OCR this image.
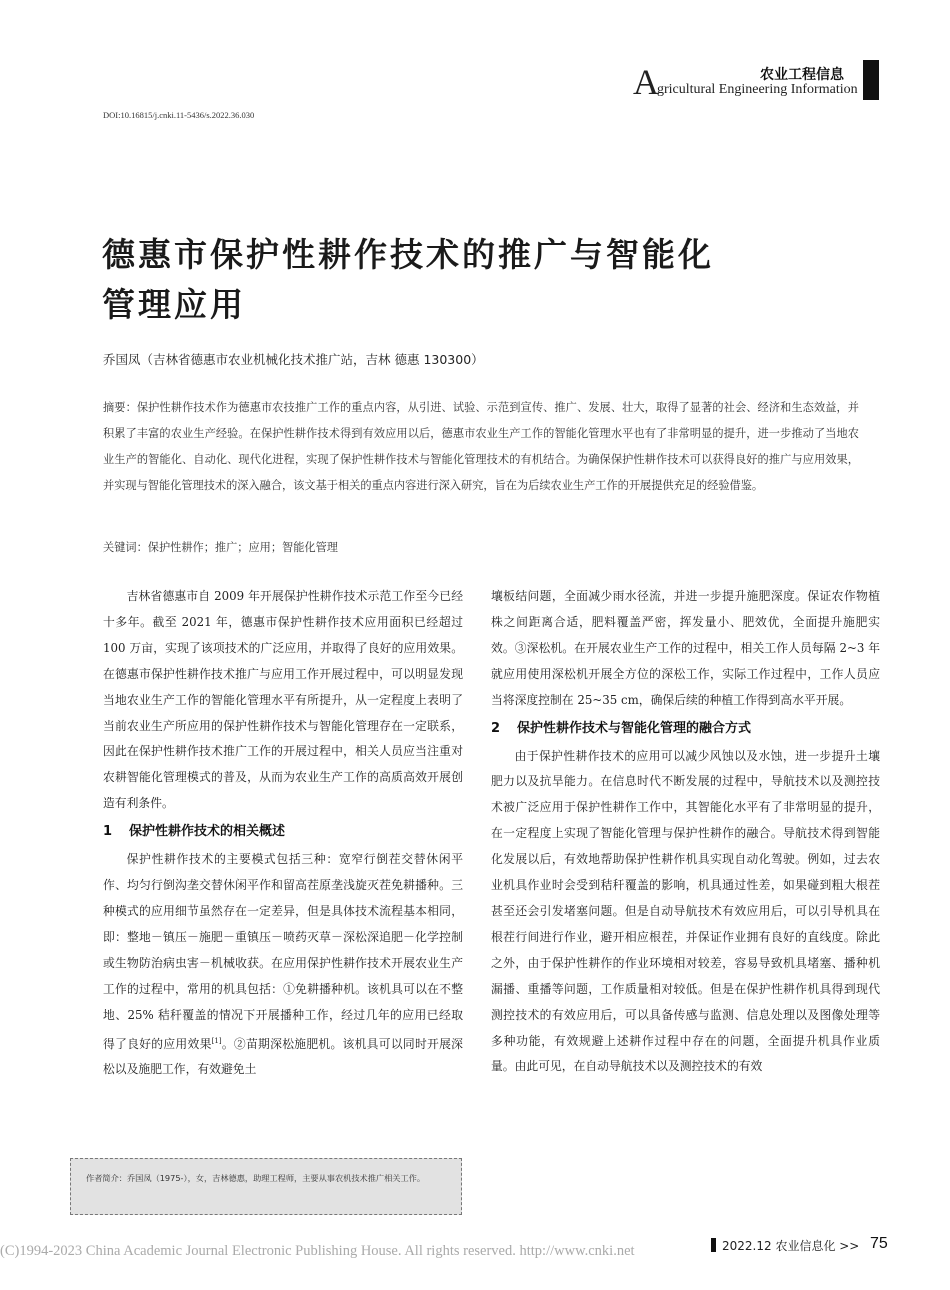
A	农业工程信息
gricultural Engineering Information
DOI:10.16815/j.cnki.11-5436/s.2022.36.030
德惠市保护性耕作技术的推广与智能化
管理应用
乔国凤（吉林省德惠市农业机械化技术推广站，吉林 德惠 130300）
摘要：保护性耕作技术作为德惠市农技推广工作的重点内容，从引进、试验、示范到宣传、推广、发展、壮大，取得了显著的社会、经济和生态效益，并积累了丰富的农业生产经验。在保护性耕作技术得到有效应用以后，德惠市农业生产工作的智能化管理水平也有了非常明显的提升，进一步推动了当地农业生产的智能化、自动化、现代化进程，实现了保护性耕作技术与智能化管理技术的有机结合。为确保保护性耕作技术可以获得良好的推广与应用效果，并实现与智能化管理技术的深入融合，该文基于相关的重点内容进行深入研究，旨在为后续农业生产工作的开展提供充足的经验借鉴。
关键词：保护性耕作；推广；应用；智能化管理

吉林省德惠市自 2009 年开展保护性耕作技术示范工作至今已经十多年。截至 2021 年，德惠市保护性耕作技术应用面积已经超过 100 万亩，实现了该项技术的广泛应用，并取得了良好的应用效果。在德惠市保护性耕作技术推广与应用工作开展过程中，可以明显发现当地农业生产工作的智能化管理水平有所提升，从一定程度上表明了当前农业生产所应用的保护性耕作技术与智能化管理存在一定联系，因此在保护性耕作技术推广工作的开展过程中，相关人员应当注重对农耕智能化管理模式的普及，从而为农业生产工作的高质高效开展创造有利条件。

1 保护性耕作技术的相关概述

保护性耕作技术的主要模式包括三种：宽窄行倒茬交替休闲平作、均匀行倒沟垄交替休闲平作和留高茬原垄浅旋灭茬免耕播种。三种模式的应用细节虽然存在一定差异，但是具体技术流程基本相同，即：整地－镇压－施肥－重镇压－喷药灭草－深松深追肥－化学控制或生物防治病虫害－机械收获。在应用保护性耕作技术开展农业生产工作的过程中，常用的机具包括：①免耕播种机。该机具可以在不整地、25% 秸秆覆盖的情况下开展播种工作，经过几年的应用已经取得了良好的应用效果[1]。②苗期深松施肥机。该机具可以同时开展深松以及施肥工作，有效避免土

壤板结问题，全面减少雨水径流，并进一步提升施肥深度。保证农作物植株之间距离合适，肥料覆盖严密，挥发量小、肥效优，全面提升施肥实效。③深松机。在开展农业生产工作的过程中，相关工作人员每隔 2~3 年就应用使用深松机开展全方位的深松工作，实际工作过程中，工作人员应当将深度控制在 25~35 cm，确保后续的种植工作得到高水平开展。

2 保护性耕作技术与智能化管理的融合方式

由于保护性耕作技术的应用可以减少风蚀以及水蚀，进一步提升土壤肥力以及抗旱能力。在信息时代不断发展的过程中，导航技术以及测控技术被广泛应用于保护性耕作工作中，其智能化水平有了非常明显的提升，在一定程度上实现了智能化管理与保护性耕作的融合。导航技术得到智能化发展以后，有效地帮助保护性耕作机具实现自动化驾驶。例如，过去农业机具作业时会受到秸秆覆盖的影响，机具通过性差，如果碰到粗大根茬甚至还会引发堵塞问题。但是自动导航技术有效应用后，可以引导机具在根茬行间进行作业，避开相应根茬，并保证作业拥有良好的直线度。除此之外，由于保护性耕作的作业环境相对较差，容易导致机具堵塞、播种机漏播、重播等问题，工作质量相对较低。但是在保护性耕作机具得到现代测控技术的有效应用后，可以具备传感与监测、信息处理以及图像处理等多种功能，有效规避上述耕作过程中存在的问题，全面提升机具作业质量。由此可见，在自动导航技术以及测控技术的有效

作者简介：乔国凤（1975-），女，吉林德惠，助理工程师，主要从事农机技术推广相关工作。
(C)1994-2023 China Academic Journal Electronic Publishing House. All rights reserved. http://www.cnki.net	2022.12 农业信息化 >> 75
